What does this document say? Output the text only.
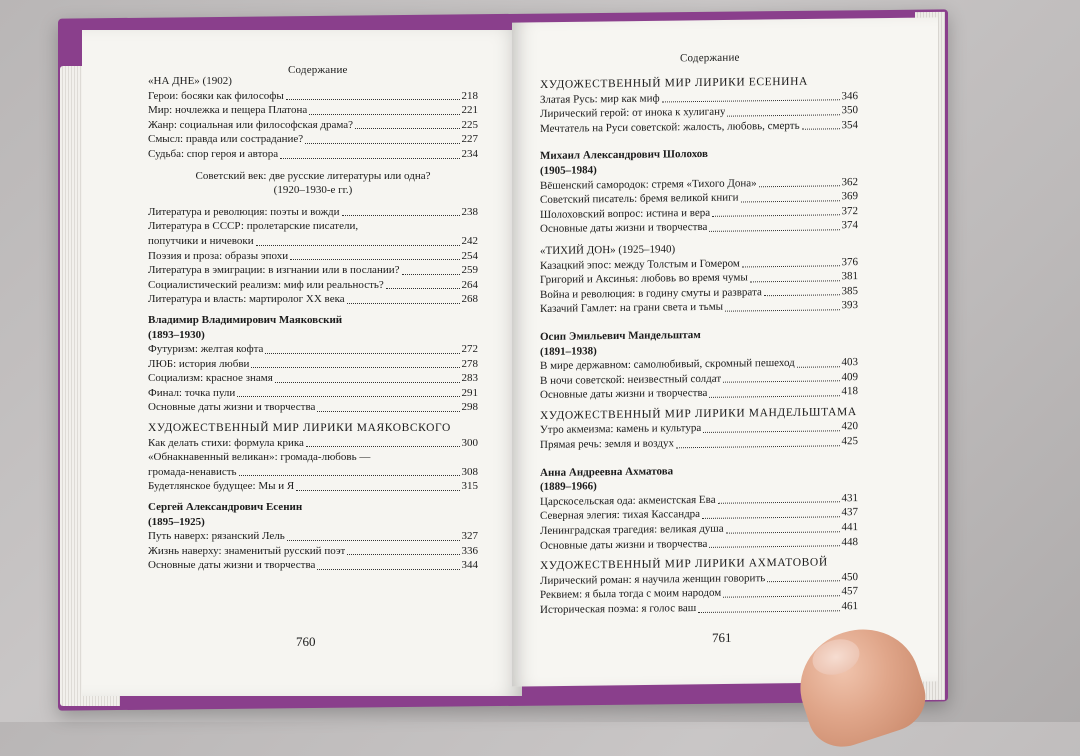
Содержание
Содержание
«НА ДНЕ» (1902)
Герои: босяки как философы	218
Мир: ночлежка и пещера Платона	221
Жанр: социальная или философская драма?	225
Смысл: правда или сострадание?	227
Судьба: спор героя и автора	234
Советский век: две русские литературы или одна?
(1920–1930-е гг.)
Литература и революция: поэты и вожди	238
Литература в СССР: пролетарские писатели,
попутчики и ничевоки	242
Поэзия и проза: образы эпохи	254
Литература в эмиграции: в изгнании или в послании?	259
Социалистический реализм: миф или реальность?	264
Литература и власть: мартиролог XX века	268
Владимир Владимирович Маяковский
(1893–1930)
Футуризм: желтая кофта	272
ЛЮБ: история любви	278
Социализм: красное знамя	283
Финал: точка пули	291
Основные даты жизни и творчества	298
ХУДОЖЕСТВЕННЫЙ МИР ЛИРИКИ МАЯКОВСКОГО
Как делать стихи: формула крика	300
«Обнакнавенный великан»: громада-любовь —
громада-ненависть	308
Будетлянское будущее: Мы и Я	315
Сергей Александрович Есенин
(1895–1925)
Путь наверх: рязанский Лель	327
Жизнь наверху: знаменитый русский поэт	336
Основные даты жизни и творчества	344
ХУДОЖЕСТВЕННЫЙ МИР ЛИРИКИ ЕСЕНИНА
Златая Русь: мир как миф	346
Лирический герой: от инока к хулигану	350
Мечтатель на Руси советской: жалость, любовь, смерть	354
Михаил Александрович Шолохов
(1905–1984)
Вёшенский самородок: стремя «Тихого Дона»	362
Советский писатель: бремя великой книги	369
Шолоховский вопрос: истина и вера	372
Основные даты жизни и творчества	374
«ТИХИЙ ДОН» (1925–1940)
Казацкий эпос: между Толстым и Гомером	376
Григорий и Аксинья: любовь во время чумы	381
Война и революция: в годину смуты и разврата	385
Казачий Гамлет: на грани света и тьмы	393
Осип Эмильевич Мандельштам
(1891–1938)
В мире державном: самолюбивый, скромный пешеход	403
В ночи советской: неизвестный солдат	409
Основные даты жизни и творчества	418
ХУДОЖЕСТВЕННЫЙ МИР ЛИРИКИ МАНДЕЛЬШТАМА
Утро акмеизма: камень и культура	420
Прямая речь: земля и воздух	425
Анна Андреевна Ахматова
(1889–1966)
Царскосельская ода: акмеистская Ева	431
Северная элегия: тихая Кассандра	437
Ленинградская трагедия: великая душа	441
Основные даты жизни и творчества	448
ХУДОЖЕСТВЕННЫЙ МИР ЛИРИКИ АХМАТОВОЙ
Лирический роман: я научила женщин говорить	450
Реквием: я была тогда с моим народом	457
Историческая поэма: я голос ваш	461
760	761
